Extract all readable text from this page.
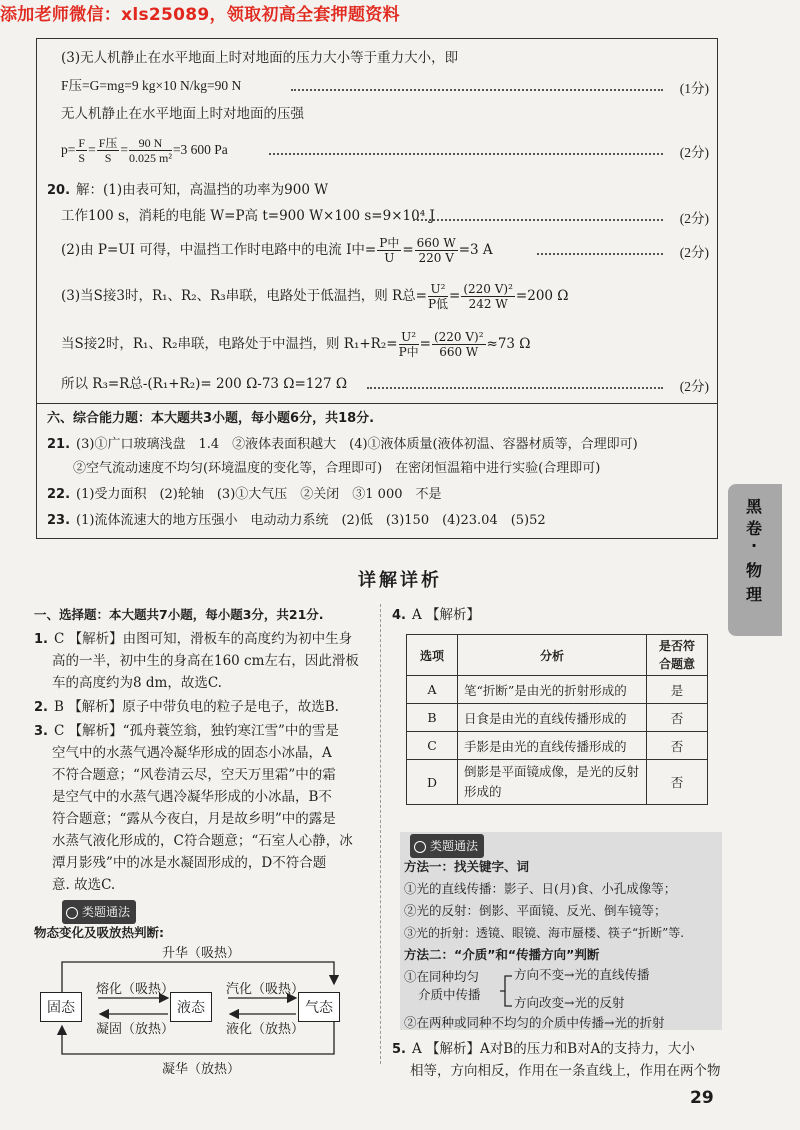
添加老师微信：xls25089，领取初高全套押题资料
(3)无人机静止在水平地面上时对地面的压力大小等于重力大小，即
F压=G=mg=9 kg×10 N/kg=90 N	(1分)
无人机静止在水平地面上时对地面的压强
$p= \frac{F}{S} = \frac{\text{F压}}{S} = \frac{90 N}{\text{0.025 m²}} =3$ 600 Pa	(2分)
20. 解：(1)由表可知，高温挡的功率为900 W
工作100 s，消耗的电能 W=P高 t=900 W×100 s=9×10⁴ J	(2分)
(2)由 P=UI 可得，中温挡工作时电路中的电流 I中= $\frac{\text{P中}}{U} = \frac{660 W}{220 V} =3$ A	(2分)
(3)当S接3时，R₁、R₂、R₃串联，电路处于低温挡，则 R总= $\frac{\text{U²}}{\text{P低}} = \frac{\text{(220 V)²}}{242 W} =200$ Ω
当S接2时，R₁、R₂串联，电路处于中温挡，则 $R_1+R_2= \frac{\text{U²}}{\text{P中}} = \frac{\text{(220 V)²}}{660 W} \approx 73$ Ω
所以 R₃=R总-(R₁+R₂)= 200 Ω-73 Ω=127 Ω	(2分)
六、综合能力题：本大题共3小题，每小题6分，共18分.
21. (3)①广口玻璃浅盘　1.4　②液体表面积越大　(4)①液体质量(液体初温、容器材质等，合理即可)
②空气流动速度不均匀(环境温度的变化等，合理即可)　在密闭恒温箱中进行实验(合理即可)
22. (1)受力面积　(2)轮轴　(3)①大气压　②关闭　③1 000　不是
23. (1)流体流速大的地方压强小　电动动力系统　(2)低　(3)150　(4)23.04　(5)52
黑
卷
·
物
理
详解详析
一、选择题：本大题共7小题，每小题3分，共21分.
1. C 【解析】由图可知，滑板车的高度约为初中生身
高的一半，初中生的身高在160 cm左右，因此滑板
车的高度约为8 dm，故选C.
2. B 【解析】原子中带负电的粒子是电子，故选B.
3. C 【解析】“孤舟蓑笠翁，独钓寒江雪”中的雪是
空气中的水蒸气遇冷凝华形成的固态小冰晶，A
不符合题意；“风卷清云尽，空天万里霜”中的霜
是空气中的水蒸气遇冷凝华形成的小冰晶，B不
符合题意；“露从今夜白，月是故乡明”中的露是
水蒸气液化形成的，C符合题意；“石室人心静，冰
潭月影残”中的冰是水凝固形成的，D不符合题
意. 故选C.
类题通法
物态变化及吸放热判断:
升华（吸热）
固态	液态	气态
熔化（吸热）
凝固（放热）
汽化（吸热）
液化（放热）
凝华（放热）
4. A 【解析】
选项	分析	是否符
合题意
A	笔“折断”是由光的折射形成的	是
B	日食是由光的直线传播形成的	否
C	手影是由光的直线传播形成的	否
D	倒影是平面镜成像，是光的反射
形成的	否
类题通法
方法一：找关键字、词
①光的直线传播：影子、日(月)食、小孔成像等；
②光的反射：倒影、平面镜、反光、倒车镜等；
③光的折射：透镜、眼镜、海市蜃楼、筷子“折断”等.
方法二：“介质”和“传播方向”判断
①在同种均匀
介质中传播
方向不变→光的直线传播
方向改变→光的反射
②在两种或同种不均匀的介质中传播→光的折射
5. A 【解析】A对B的压力和B对A的支持力，大小
相等，方向相反，作用在一条直线上，作用在两个物
29
